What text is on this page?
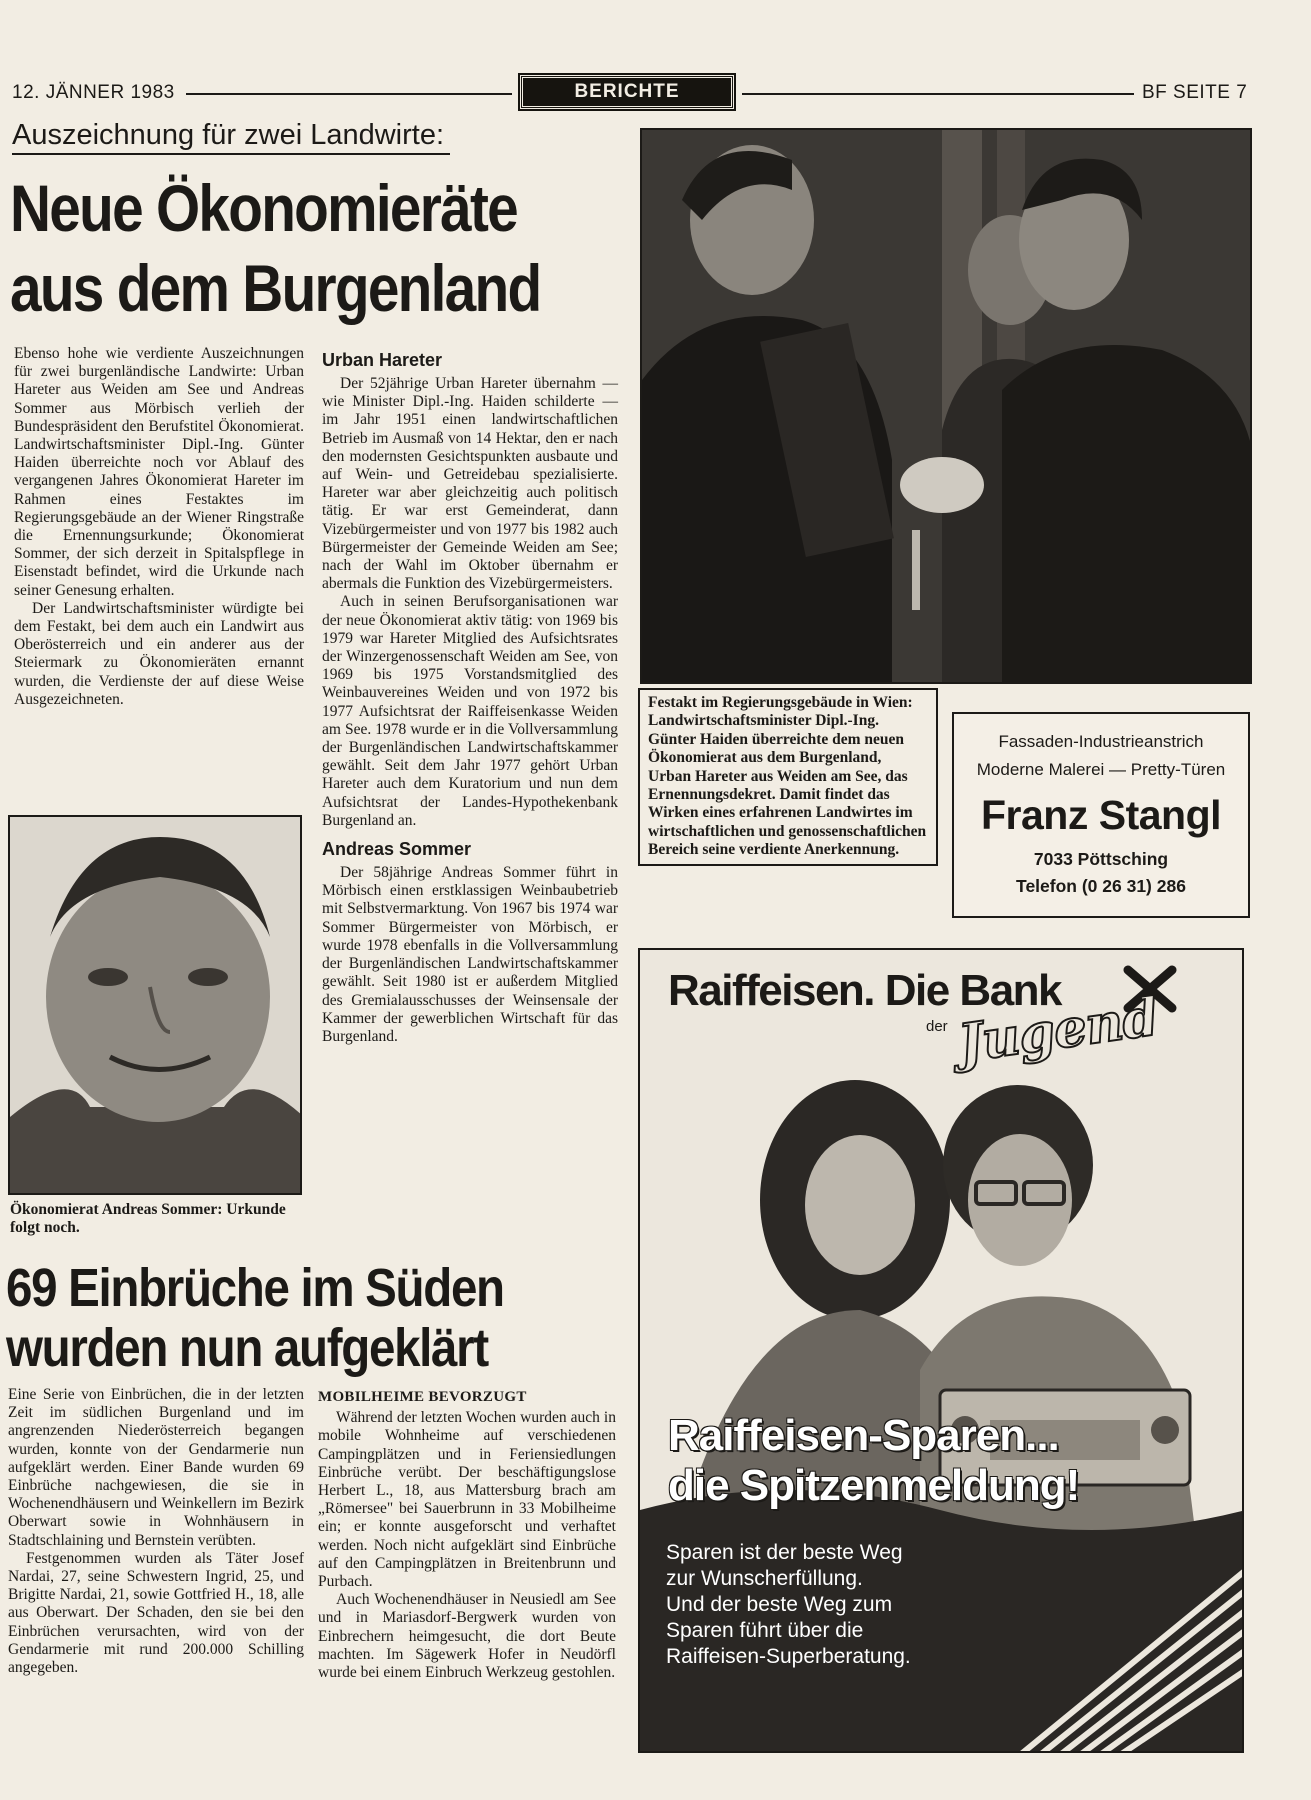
12. JÄNNER 1983	BERICHTE	BF SEITE 7
Auszeichnung für zwei Landwirte:
Neue Ökonomieräte
aus dem Burgenland

Ebenso hohe wie verdiente Auszeichnungen für zwei burgenländische Landwirte: Urban Hareter aus Weiden am See und Andreas Sommer aus Mörbisch verlieh der Bundespräsident den Berufstitel Ökonomierat. Landwirtschaftsminister Dipl.-Ing. Günter Haiden überreichte noch vor Ablauf des vergangenen Jahres Ökonomierat Hareter im Rahmen eines Festaktes im Regierungsgebäude an der Wiener Ringstraße die Ernennungsurkunde; Ökonomierat Sommer, der sich derzeit in Spitalspflege in Eisenstadt befindet, wird die Urkunde nach seiner Genesung erhalten.

Der Landwirtschaftsminister würdigte bei dem Festakt, bei dem auch ein Landwirt aus Oberösterreich und ein anderer aus der Steiermark zu Ökonomieräten ernannt wurden, die Verdienste der auf diese Weise Ausgezeichneten.

Ökonomierat Andreas Sommer: Urkunde folgt noch.
Urban Hareter

Der 52jährige Urban Hareter übernahm — wie Minister Dipl.-Ing. Haiden schilderte — im Jahr 1951 einen landwirtschaftlichen Betrieb im Ausmaß von 14 Hektar, den er nach den modernsten Gesichtspunkten ausbaute und auf Wein- und Getreidebau spezialisierte. Hareter war aber gleichzeitig auch politisch tätig. Er war erst Gemeinderat, dann Vizebürgermeister und von 1977 bis 1982 auch Bürgermeister der Gemeinde Weiden am See; nach der Wahl im Oktober übernahm er abermals die Funktion des Vizebürgermeisters.

Auch in seinen Berufsorganisationen war der neue Ökonomierat aktiv tätig: von 1969 bis 1979 war Hareter Mitglied des Aufsichtsrates der Winzergenossenschaft Weiden am See, von 1969 bis 1975 Vorstandsmitglied des Weinbauvereines Weiden und von 1972 bis 1977 Aufsichtsrat der Raiffeisenkasse Weiden am See. 1978 wurde er in die Vollversammlung der Burgenländischen Landwirtschaftskammer gewählt. Seit dem Jahr 1977 gehört Urban Hareter auch dem Kuratorium und nun dem Aufsichtsrat der Landes-Hypothekenbank Burgenland an.

Andreas Sommer

Der 58jährige Andreas Sommer führt in Mörbisch einen erstklassigen Weinbaubetrieb mit Selbstvermarktung. Von 1967 bis 1974 war Sommer Bürgermeister von Mörbisch, er wurde 1978 ebenfalls in die Vollversammlung der Burgenländischen Landwirtschaftskammer gewählt. Seit 1980 ist er außerdem Mitglied des Gremialausschusses der Weinsensale der Kammer der gewerblichen Wirtschaft für das Burgenland.

Festakt im Regierungsgebäude in Wien: Landwirtschaftsminister Dipl.-Ing. Günter Haiden überreichte dem neuen Ökonomierat aus dem Burgenland, Urban Hareter aus Weiden am See, das Ernennungsdekret. Damit findet das Wirken eines erfahrenen Landwirtes im wirtschaftlichen und genossenschaftlichen Bereich seine verdiente Anerkennung.
Fassaden-Industrieanstrich
Moderne Malerei — Pretty-Türen
Franz Stangl
7033 Pöttsching
Telefon (0 26 31) 286
69 Einbrüche im Süden
wurden nun aufgeklärt

Eine Serie von Einbrüchen, die in der letzten Zeit im südlichen Burgenland und im angrenzenden Niederösterreich begangen wurden, konnte von der Gendarmerie nun aufgeklärt werden. Einer Bande wurden 69 Einbrüche nachgewiesen, die sie in Wochenendhäusern und Weinkellern im Bezirk Oberwart sowie in Wohnhäusern in Stadtschlaining und Bernstein verübten.

Festgenommen wurden als Täter Josef Nardai, 27, seine Schwestern Ingrid, 25, und Brigitte Nardai, 21, sowie Gottfried H., 18, alle aus Oberwart. Der Schaden, den sie bei den Einbrüchen verursachten, wird von der Gendarmerie mit rund 200.000 Schilling angegeben.

MOBILHEIME BEVORZUGT

Während der letzten Wochen wurden auch in mobile Wohnheime auf verschiedenen Campingplätzen und in Feriensiedlungen Einbrüche verübt. Der beschäftigungslose Herbert L., 18, aus Mattersburg brach am „Römersee" bei Sauerbrunn in 33 Mobilheime ein; er konnte ausgeforscht und verhaftet werden. Noch nicht aufgeklärt sind Einbrüche auf den Campingplätzen in Breitenbrunn und Purbach.

Auch Wochenendhäuser in Neusiedl am See und in Mariasdorf-Bergwerk wurden von Einbrechern heimgesucht, die dort Beute machten. Im Sägewerk Hofer in Neudörfl wurde bei einem Einbruch Werkzeug gestohlen.

Raiffeisen. Die Bank
der Jugend
Raiffeisen-Sparen...
die Spitzenmeldung!
Sparen ist der beste Weg
zur Wunscherfüllung.
Und der beste Weg zum
Sparen führt über die
Raiffeisen-Superberatung.
